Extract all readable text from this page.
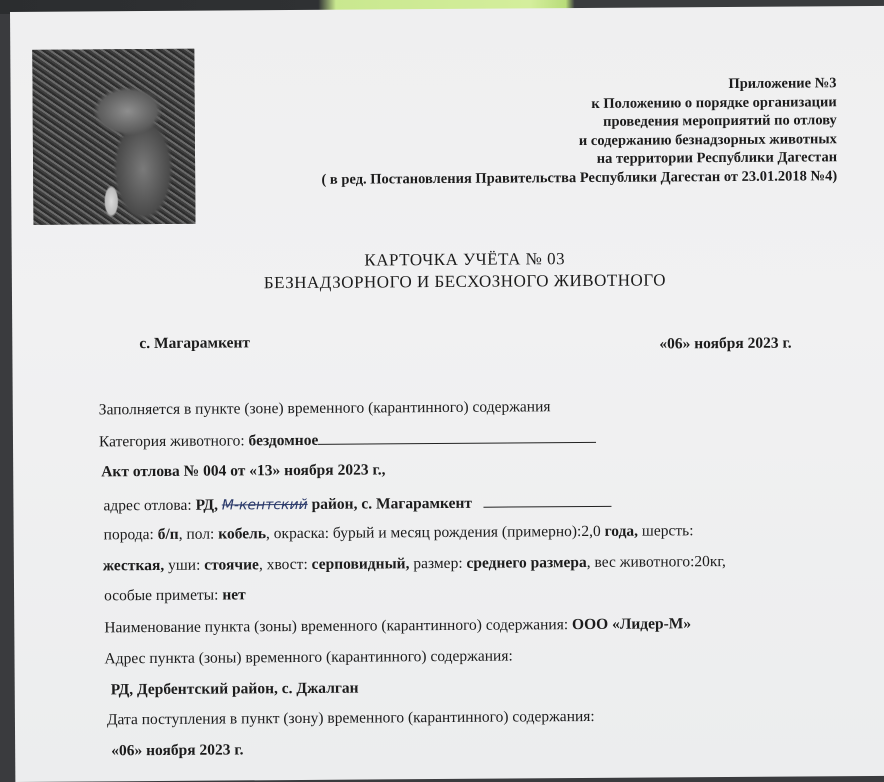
Приложение №3
к Положению о порядке организации
проведения мероприятий по отлову
и содержанию безнадзорных животных
на территории Республики Дагестан
( в ред. Постановления Правительства Республики Дагестан от 23.01.2018 №4)
КАРТОЧКА УЧЁТА № 03
БЕЗНАДЗОРНОГО И БЕСХОЗНОГО ЖИВОТНОГО
с. Магарамкент	«06» ноября 2023 г.
Заполняется в пункте (зоне) временного (карантинного) содержания
Категория животного: бездомное
Акт отлова № 004 от «13» ноября 2023 г.,
адрес отлова: РД, М-кентский район, с. Магарамкент
порода: б/п, пол: кобель, окраска: бурый и месяц рождения (примерно):2,0 года, шерсть:
жесткая, уши: стоячие, хвост: серповидный, размер: среднего размера, вес животного:20кг,
особые приметы: нет
Наименование пункта (зоны) временного (карантинного) содержания: ООО «Лидер-М»
Адрес пункта (зоны) временного (карантинного) содержания:
РД, Дербентский район, с. Джалган
Дата поступления в пункт (зону) временного (карантинного) содержания:
«06» ноября 2023 г.
